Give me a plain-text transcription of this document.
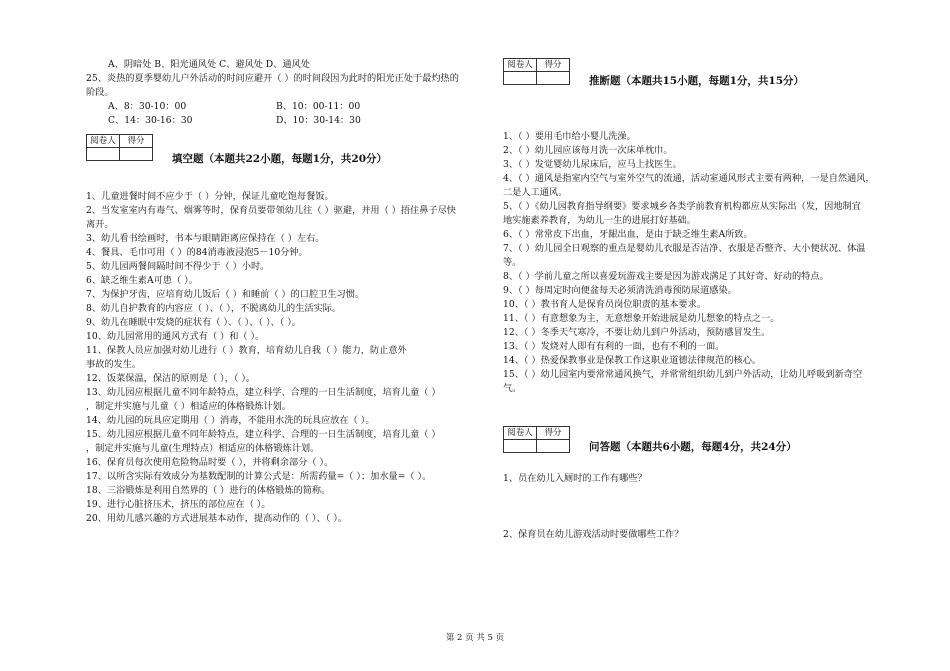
A、阴暗处 B、阳光通风处 C、避风处 D、通风处
25、炎热的夏季婴幼儿户外活动的时间应避开（ ）的时间段因为此时的阳光正处于最灼热的
阶段。
A、8：30-10：00	B、10：00-11：00
C、14：30-16：30	D、10：30-14：30
阅卷人	得分

填空题（本题共22小题，每题1分，共20分）
1、儿童进餐时间不应少于（ ）分钟，保证儿童吃饱每餐饭。
2、当发室室内有毒气、烟雾等时，保育员要带领幼儿往（ ）驱避，并用（ ）捂住鼻子尽快
离开。
3、幼儿看书绘画时，书本与眼睛距离应保持在（ ）左右。
4、餐具、毛巾可用（ ）的84消毒液浸泡5－10分钟。
5、幼儿园两餐间隔时间不得少于（ ）小时。
6、缺乏维生素A可患（ ）。
7、为保护牙齿，应培育幼儿饭后（ ）和睡前（ ）的口腔卫生习惯。
8、幼儿自护教育的内容应（ ）、（ ），不脱离幼儿的生活实际。
9、幼儿在睡眠中发烧的症状有（ ）、（ ）、（ ）、（ ）。
10、幼儿园常用的通风方式有（ ）和（ ）。
11、保教人员应加强对幼儿进行（ ）教育，培育幼儿自我（ ）能力，防止意外
事故的发生。
12、饭菜保温，保洁的原则是（ ），（ ）。
13、幼儿园应根据儿童不同年龄特点，建立科学、合理的一日生活制度，培育儿童（ ）
，制定并实施与儿童（ ）相适应的体格锻炼计划。
14、幼儿园的玩具应定期用（ ）消毒，不能用水洗的玩具应放在（ ）。
15、幼儿园应根据儿童不同年龄特点，建立科学、合理的一日生活制度，培育儿童（ ）
，制定并实施与儿童(生理特点）相适应的体格锻炼计划。
16、保育员每次使用危险物品时要（ ），并将剩余部分（ ）。
17、以所含实际有效成分为基数配制的计算公式是：所需药量=（ ）；加水量=（ ）。
18、三浴锻炼是利用自然界的（ ）进行的体格锻炼的简称。
19、进行心脏挤压术，挤压的部位应在（ ）。
20、用幼儿感兴趣的方式进展基本动作，提高动作的（ ）、（ ）。
阅卷人	得分

推断题（本题共15小题，每题1分，共15分）
1、（ ）要用毛巾给小婴儿洗澡。
2、（ ）幼儿园应该每月洗一次床单枕巾。
3、（ ）发觉婴幼儿尿床后，应马上找医生。
4、（ ）通风是指室内空气与室外空气的流通，活动室通风形式主要有两种，一是自然通风，
二是人工通风。
5、（ ）《幼儿园教育指导纲要》要求城乡各类学前教育机构都应从实际出（发，因地制宜
地实施素养教育，为幼儿一生的进展打好基础。
6、（ ）常常皮下出血，牙龈出血，是由于缺乏维生素A所致。
7、（ ）幼儿园全日观察的重点是婴幼儿衣服是否洁净、衣服是否整齐、大小便状况、体温
等。
8、（ ）学前儿童之所以喜爱玩游戏主要是因为游戏满足了其好奇、好动的特点。
9、（ ）每周定时向便盆每天必须清洗消毒预防尿道感染。
10、（ ）教书育人是保育员岗位职责的基本要求。
11、（ ）有意想象为主，无意想象开始进展是幼儿想象的特点之一。
12、（ ）冬季天气寒冷，不要让幼儿到户外活动，预防感冒发生。
13、（ ）发烧对人即有有利的一面，也有不利的一面。
14、（ ）热爱保教事业是保教工作这职业道德法律规范的核心。
15、（ ）幼儿园室内要常常通风换气，并常常组织幼儿到户外活动，让幼儿呼吸到新奇空
气。
阅卷人	得分

问答题（本题共6小题，每题4分，共24分）
1、员在幼儿入厕时的工作有哪些？
2、保育员在幼儿游戏活动时要做哪些工作？
第 2 页 共 5 页
